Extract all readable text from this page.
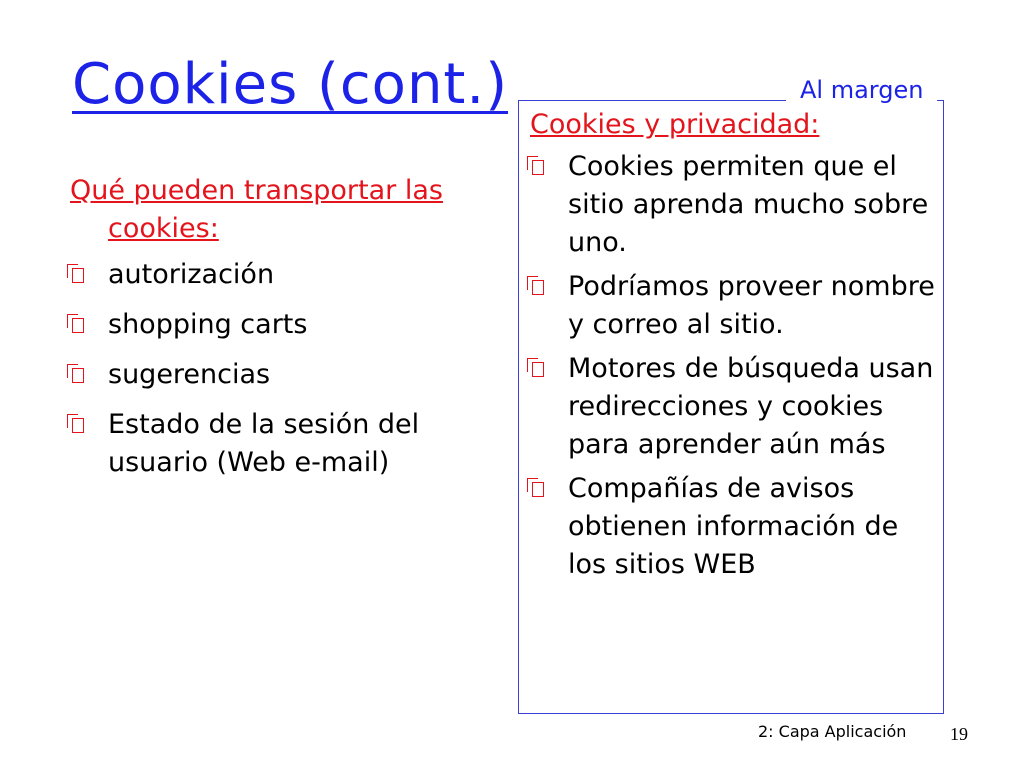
Cookies (cont.)

Qué pueden transportar las cookies:

autorización
shopping carts
sugerencias
Estado de la sesión del usuario (Web e-mail)
Al margen

Cookies y privacidad:

Cookies permiten que el sitio aprenda mucho sobre uno.
Podríamos proveer nombre y correo al sitio.
Motores de búsqueda usan redirecciones y cookies para aprender aún más
Compañías de avisos obtienen información de los sitios WEB
2: Capa Aplicación 19
